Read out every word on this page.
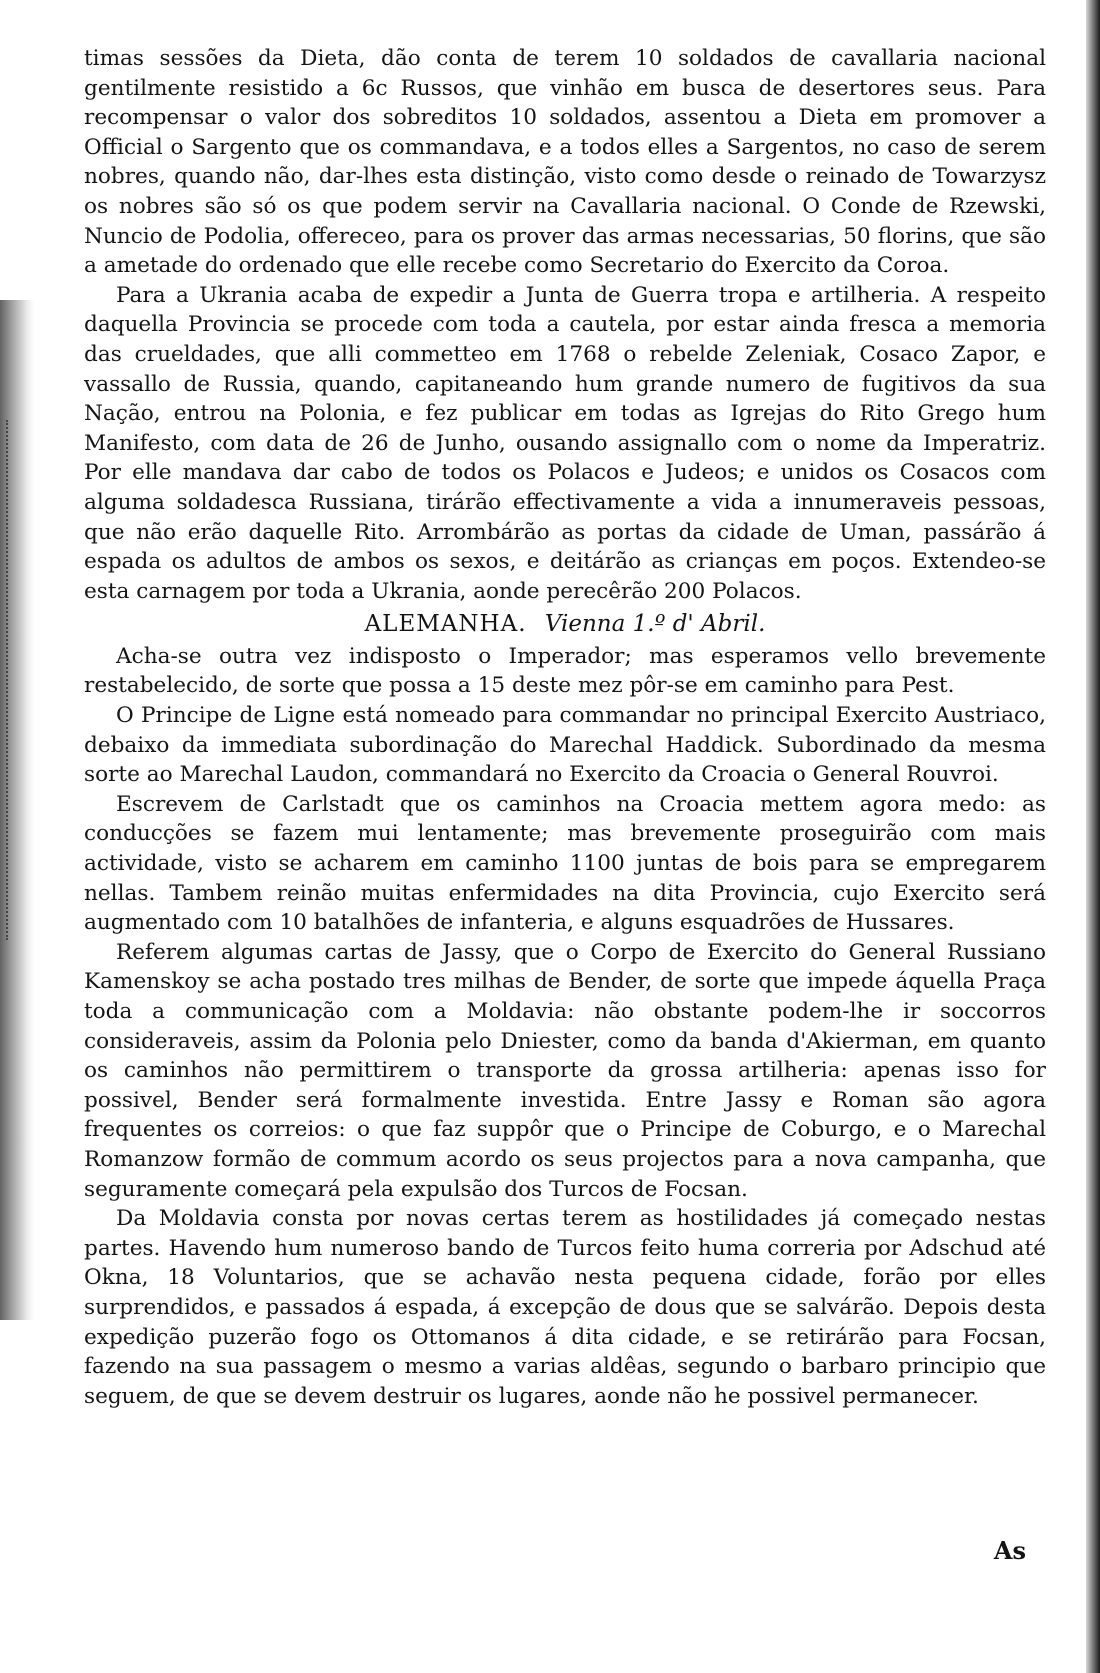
timas sessões da Dieta, dão conta de terem 10 soldados de cavallaria nacional gentilmente resistido a 6c Russos, que vinhão em busca de desertores seus. Para recompensar o valor dos sobreditos 10 soldados, assentou a Dieta em promover a Official o Sargento que os commandava, e a todos elles a Sargentos, no caso de serem nobres, quando não, dar-lhes esta distinção, visto como desde o reinado de Towarzysz os nobres são só os que podem servir na Cavallaria nacional. O Conde de Rzewski, Nuncio de Podolia, offereceo, para os prover das armas necessarias, 50 florins, que são a ametade do ordenado que elle recebe como Secretario do Exercito da Coroa.

Para a Ukrania acaba de expedir a Junta de Guerra tropa e artilheria. A respeito daquella Provincia se procede com toda a cautela, por estar ainda fresca a memoria das crueldades, que alli commetteo em 1768 o rebelde Zeleniak, Cosaco Zapor, e vassallo de Russia, quando, capitaneando hum grande numero de fugitivos da sua Nação, entrou na Polonia, e fez publicar em todas as Igrejas do Rito Grego hum Manifesto, com data de 26 de Junho, ousando assignallo com o nome da Imperatriz. Por elle mandava dar cabo de todos os Polacos e Judeos; e unidos os Cosacos com alguma soldadesca Russiana, tirárão effectivamente a vida a innumeraveis pessoas, que não erão daquelle Rito. Arrombárão as portas da cidade de Uman, passárão á espada os adultos de ambos os sexos, e deitárão as crianças em poços. Extendeo-se esta carnagem por toda a Ukrania, aonde perecêrão 200 Polacos.

ALEMANHA. Vienna 1.º d' Abril.

Acha-se outra vez indisposto o Imperador; mas esperamos vello brevemente restabelecido, de sorte que possa a 15 deste mez pôr-se em caminho para Pest.

O Principe de Ligne está nomeado para commandar no principal Exercito Austriaco, debaixo da immediata subordinação do Marechal Haddick. Subordinado da mesma sorte ao Marechal Laudon, commandará no Exercito da Croacia o General Rouvroi.

Escrevem de Carlstadt que os caminhos na Croacia mettem agora medo: as conducções se fazem mui lentamente; mas brevemente proseguirão com mais actividade, visto se acharem em caminho 1100 juntas de bois para se empregarem nellas. Tambem reinão muitas enfermidades na dita Provincia, cujo Exercito será augmentado com 10 batalhões de infanteria, e alguns esquadrões de Hussares.

Referem algumas cartas de Jassy, que o Corpo de Exercito do General Russiano Kamenskoy se acha postado tres milhas de Bender, de sorte que impede áquella Praça toda a communicação com a Moldavia: não obstante podem-lhe ir soccorros consideraveis, assim da Polonia pelo Dniester, como da banda d'Akierman, em quanto os caminhos não permittirem o transporte da grossa artilheria: apenas isso for possivel, Bender será formalmente investida. Entre Jassy e Roman são agora frequentes os correios: o que faz suppôr que o Principe de Coburgo, e o Marechal Romanzow formão de commum acordo os seus projectos para a nova campanha, que seguramente começará pela expulsão dos Turcos de Focsan.

Da Moldavia consta por novas certas terem as hostilidades já começado nestas partes. Havendo hum numeroso bando de Turcos feito huma correria por Adschud até Okna, 18 Voluntarios, que se achavão nesta pequena cidade, forão por elles surprendidos, e passados á espada, á excepção de dous que se salvárão. Depois desta expedição puzerão fogo os Ottomanos á dita cidade, e se retirárão para Focsan, fazendo na sua passagem o mesmo a varias aldêas, segundo o barbaro principio que seguem, de que se devem destruir os lugares, aonde não he possivel permanecer.

As
